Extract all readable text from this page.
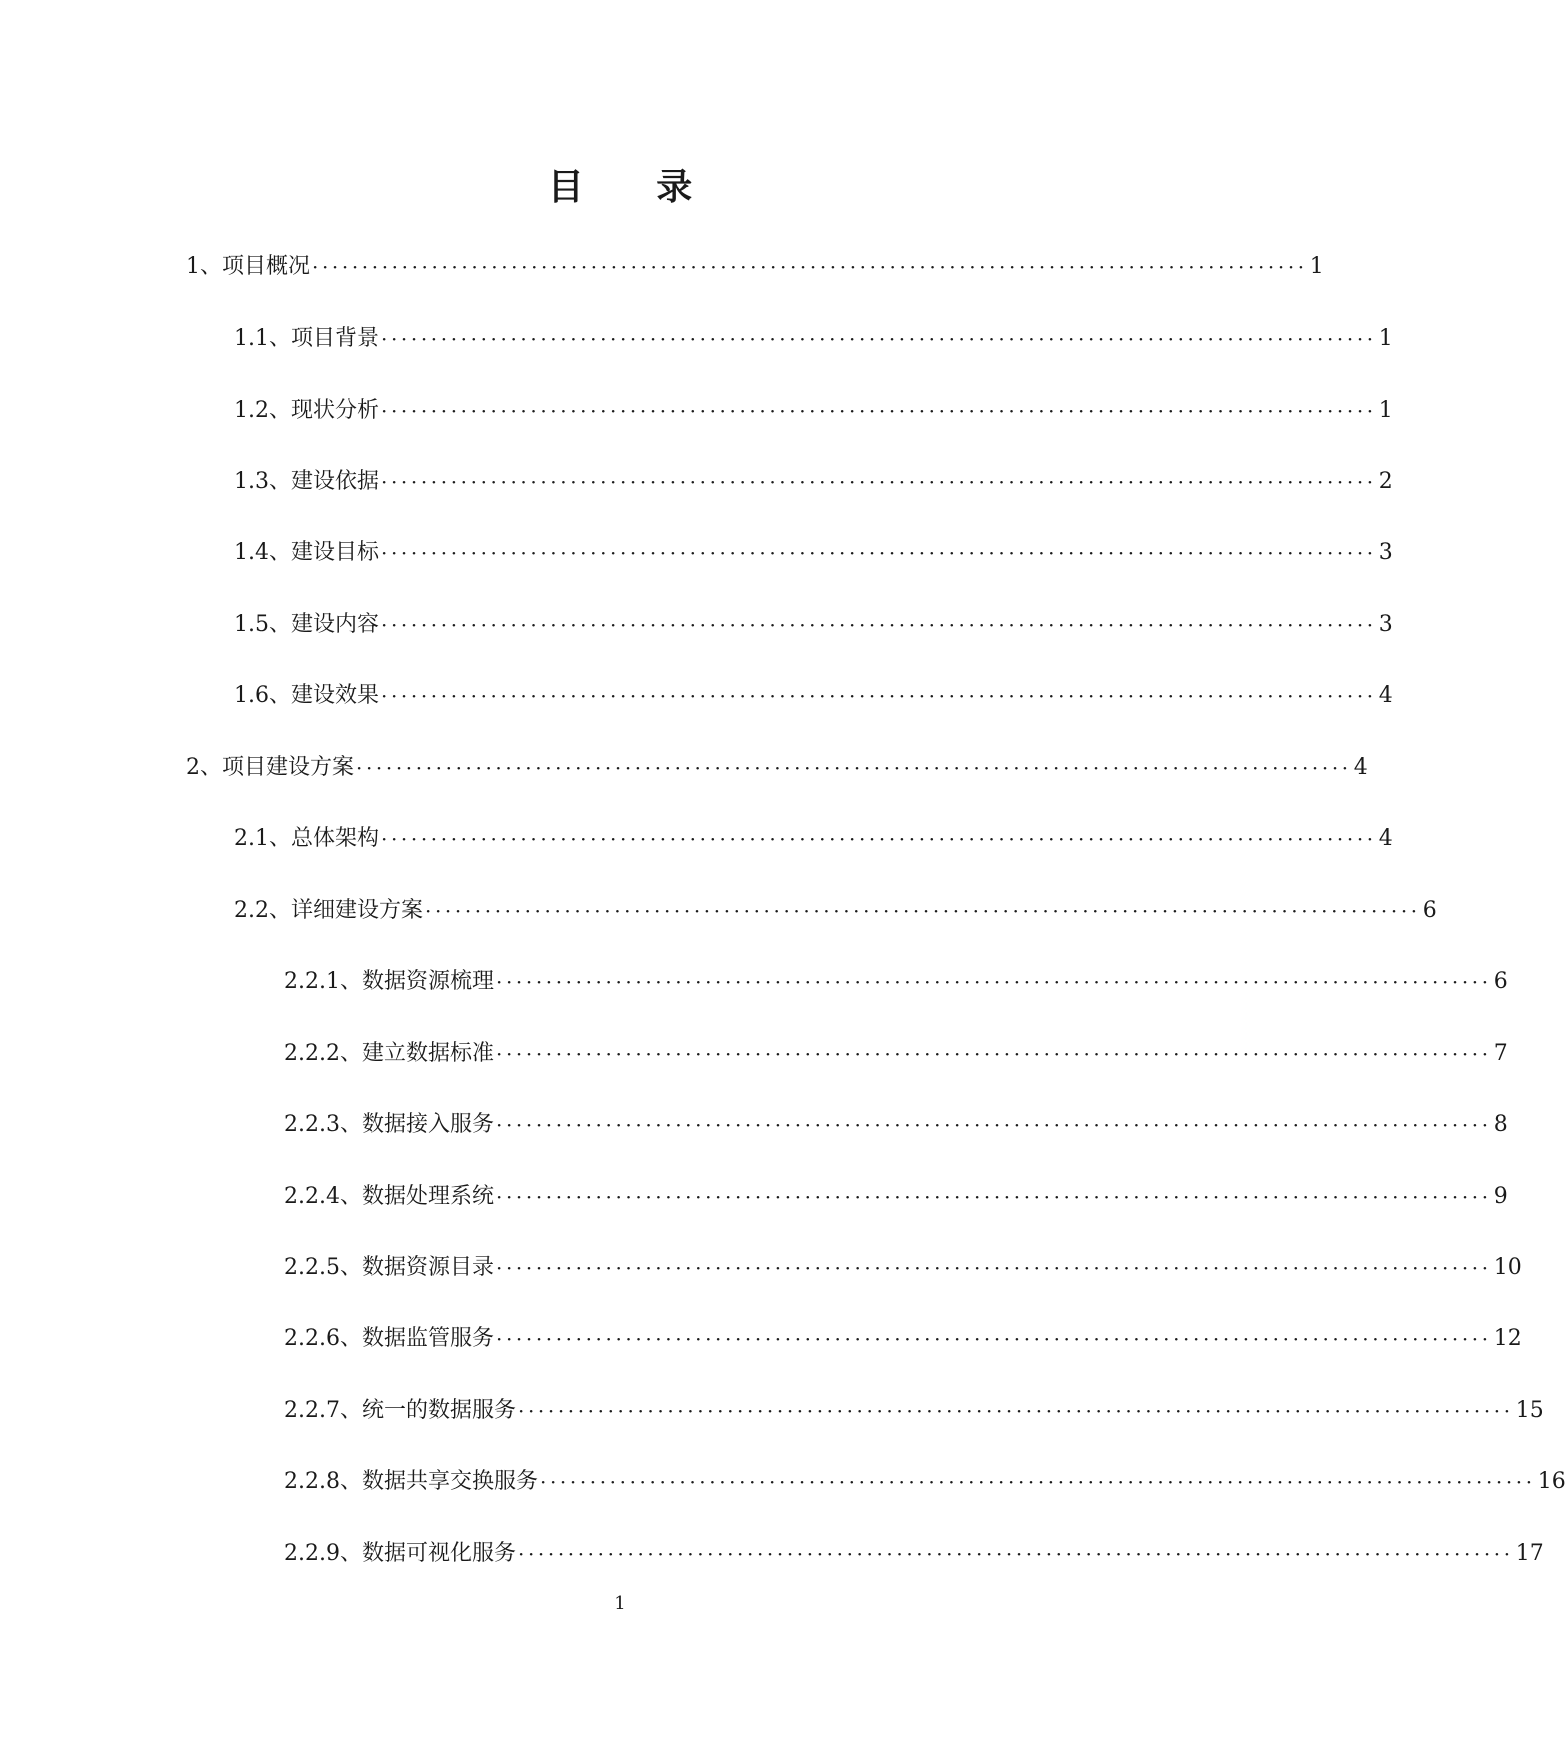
目 录
1、项目概况 ···································································································· 1
1.1、项目背景 ···································································································· 1
1.2、现状分析 ···································································································· 1
1.3、建设依据 ···································································································· 2
1.4、建设目标 ···································································································· 3
1.5、建设内容 ···································································································· 3
1.6、建设效果 ···································································································· 4
2、项目建设方案 ···································································································· 4
2.1、总体架构 ···································································································· 4
2.2、详细建设方案 ···································································································· 6
2.2.1、数据资源梳理 ···································································································· 6
2.2.2、建立数据标准 ···································································································· 7
2.2.3、数据接入服务 ···································································································· 8
2.2.4、数据处理系统 ···································································································· 9
2.2.5、数据资源目录 ···································································································· 10
2.2.6、数据监管服务 ···································································································· 12
2.2.7、统一的数据服务 ···································································································· 15
2.2.8、数据共享交换服务 ···································································································· 16
2.2.9、数据可视化服务 ···································································································· 17
1
